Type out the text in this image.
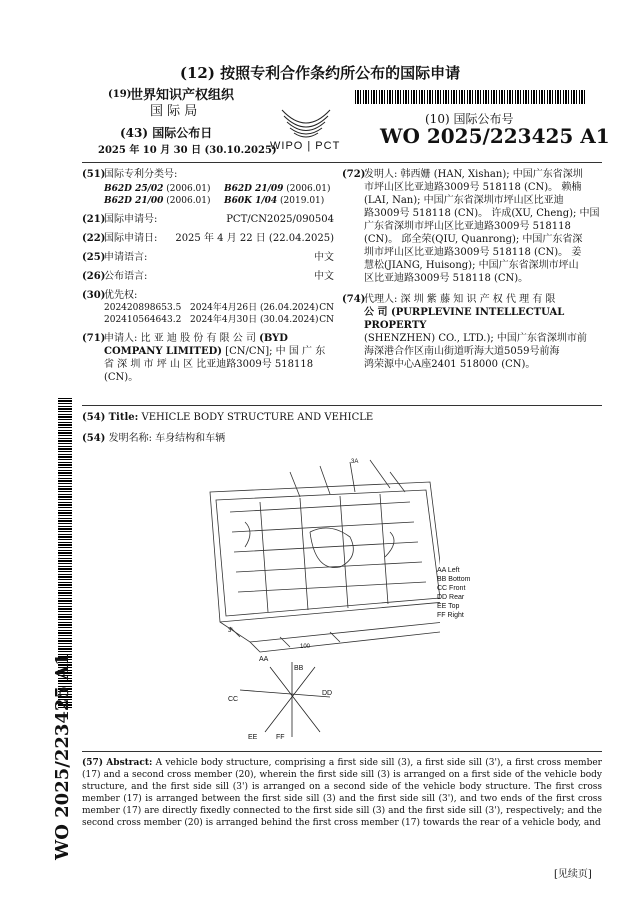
(12) 按照专利合作条约所公布的国际申请
(19)
世界知识产权组织
国 际 局
(43) 国际公布日
2025 年 10 月 30 日 (30.10.2025)
WIPO | PCT
(10) 国际公布号
WO 2025/223425 A1
(51)
国际专利分类号:
B62D 25/02 (2006.01)	B62D 21/09 (2006.01)
B62D 21/00 (2006.01)	B60K 1/04 (2019.01)
(21)
国际申请号:	PCT/CN2025/090504
(22)
国际申请日:	2025 年 4 月 22 日 (22.04.2025)
(25)
申请语言:	中文
(26)
公布语言:	中文
(30)
优先权:
202420898653.5 2024年4月26日 (26.04.2024) CN
202410564643.2 2024年4月30日 (30.04.2024) CN
(71)
申请人: 比 亚 迪 股 份 有 限 公 司 (BYD COMPANY LIMITED) [CN/CN]; 中 国 广 东 省 深 圳 市 坪 山 区 比亚迪路3009号 518118 (CN)。
(72)
发明人: 韩西姗 (HAN, Xishan); 中国广东省深圳
市坪山区比亚迪路3009号 518118 (CN)。 赖楠
(LAI, Nan); 中国广东省深圳市坪山区比亚迪
路3009号 518118 (CN)。 许成(XU, Cheng); 中国
广东省深圳市坪山区比亚迪路3009号 518118
(CN)。 邱全荣(QIU, Quanrong); 中国广东省深
圳市坪山区比亚迪路3009号 518118 (CN)。 姜
慧松(JIANG, Huisong); 中国广东省深圳市坪山
区比亚迪路3009号 518118 (CN)。
(74)
代理人: 深 圳 紫 藤 知 识 产 权 代 理 有 限
公 司 (PURPLEVINE INTELLECTUAL PROPERTY
(SHENZHEN) CO., LTD.); 中国广东省深圳市前
海深港合作区南山街道听海大道5059号前海
鸿荣源中心A座2401 518000 (CN)。
WO 2025/223425 A1
(54) Title: VEHICLE BODY STRUCTURE AND VEHICLE
(54) 发明名称: 车身结构和车辆
3A
100
3'
AA
BB
CC
DD
EE	FF
AA Left
BB Bottom
CC Front
DD Rear
EE Top
FF Right
(57) Abstract: A vehicle body structure, comprising a first side sill (3), a first side sill (3'), a first cross member (17) and a second cross member (20), wherein the first side sill (3) is arranged on a first side of the vehicle body structure, and the first side sill (3') is arranged on a second side of the vehicle body structure. The first cross member (17) is arranged between the first side sill (3) and the first side sill (3'), and two ends of the first cross member (17) are directly fixedly connected to the first side sill (3) and the first side sill (3'), respectively; and the second cross member (20) is arranged behind the first cross member (17) towards the rear of a vehicle body, and
[见续页]
